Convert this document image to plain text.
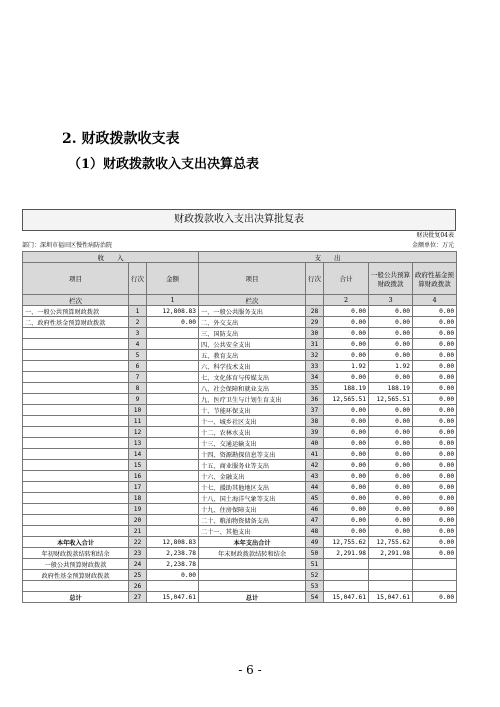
2. 财政拨款收支表
（1）财政拨款收入支出决算总表
财政拨款收入支出决算批复表
财决批复04表
部门：深圳市福田区慢性病防治院	金额单位：万元
收　　入			支　　出				
项目	行次	金额	项目	行次	合计	一般公共预算财政拨款	政府性基金预算财政拨款
栏次		1	栏次		2	3	4
一、一般公共预算财政拨款	1	12,808.83	一、一般公共服务支出	28	0.00	0.00	0.00
二、政府性基金预算财政拨款	2	0.00	二、外交支出	29	0.00	0.00	0.00
	3		三、国防支出	30	0.00	0.00	0.00
	4		四、公共安全支出	31	0.00	0.00	0.00
	5		五、教育支出	32	0.00	0.00	0.00
	6		六、科学技术支出	33	1.92	1.92	0.00
	7		七、文化体育与传媒支出	34	0.00	0.00	0.00
	8		八、社会保障和就业支出	35	188.19	188.19	0.00
	9		九、医疗卫生与计划生育支出	36	12,565.51	12,565.51	0.00
	10		十、节能环保支出	37	0.00	0.00	0.00
	11		十一、城乡社区支出	38	0.00	0.00	0.00
	12		十二、农林水支出	39	0.00	0.00	0.00
	13		十三、交通运输支出	40	0.00	0.00	0.00
	14		十四、资源勘探信息等支出	41	0.00	0.00	0.00
	15		十五、商业服务业等支出	42	0.00	0.00	0.00
	16		十六、金融支出	43	0.00	0.00	0.00
	17		十七、援助其他地区支出	44	0.00	0.00	0.00
	18		十八、国土海洋气象等支出	45	0.00	0.00	0.00
	19		十九、住房保障支出	46	0.00	0.00	0.00
	20		二十、粮油物资储备支出	47	0.00	0.00	0.00
	21		二十一、其他支出	48	0.00	0.00	0.00
本年收入合计	22	12,808.83	本年支出合计	49	12,755.62	12,755.62	0.00
年初财政拨款结转和结余	23	2,238.78	年末财政拨款结转和结余	50	2,291.98	2,291.98	0.00
一般公共预算财政拨款	24	2,238.78		51			
政府性基金预算财政拨款	25	0.00		52			
	26			53			
总计	27	15,047.61	总计	54	15,047.61	15,047.61	0.00
- 6 -
